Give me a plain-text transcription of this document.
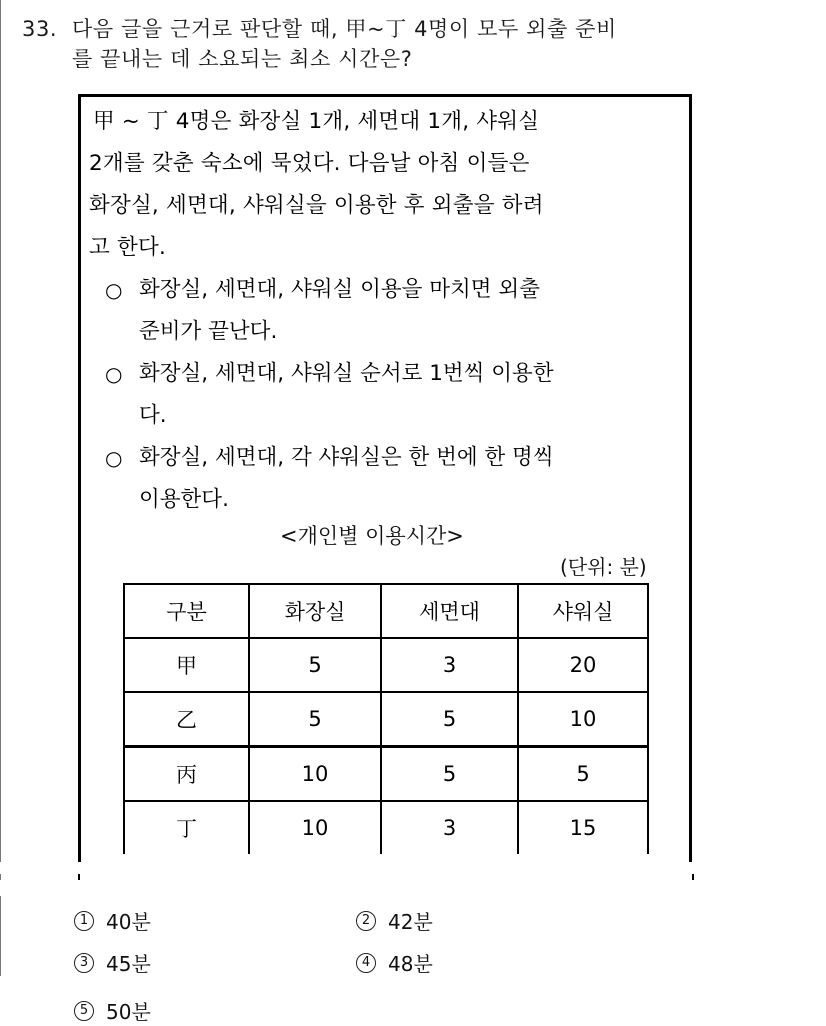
33. 다음 글을 근거로 판단할 때, 甲~丁 4명이 모두 외출 준비
를 끝내는 데 소요되는 최소 시간은?
甲 ~ 丁 4명은 화장실 1개, 세면대 1개, 샤워실
2개를 갖춘 숙소에 묵었다. 다음날 아침 이들은
화장실, 세면대, 샤워실을 이용한 후 외출을 하려
고 한다.
○ 화장실, 세면대, 샤워실 이용을 마치면 외출
준비가 끝난다.
○ 화장실, 세면대, 샤워실 순서로 1번씩 이용한
다.
○ 화장실, 세면대, 각 샤워실은 한 번에 한 명씩
이용한다.
<개인별 이용시간>
(단위: 분)
구분	화장실	세면대	샤워실
甲	5	3	20
乙	5	5	10
丙	10	5	5
丁	10	3	15
1 40분	2 42분
3 45분	4 48분
5 50분
